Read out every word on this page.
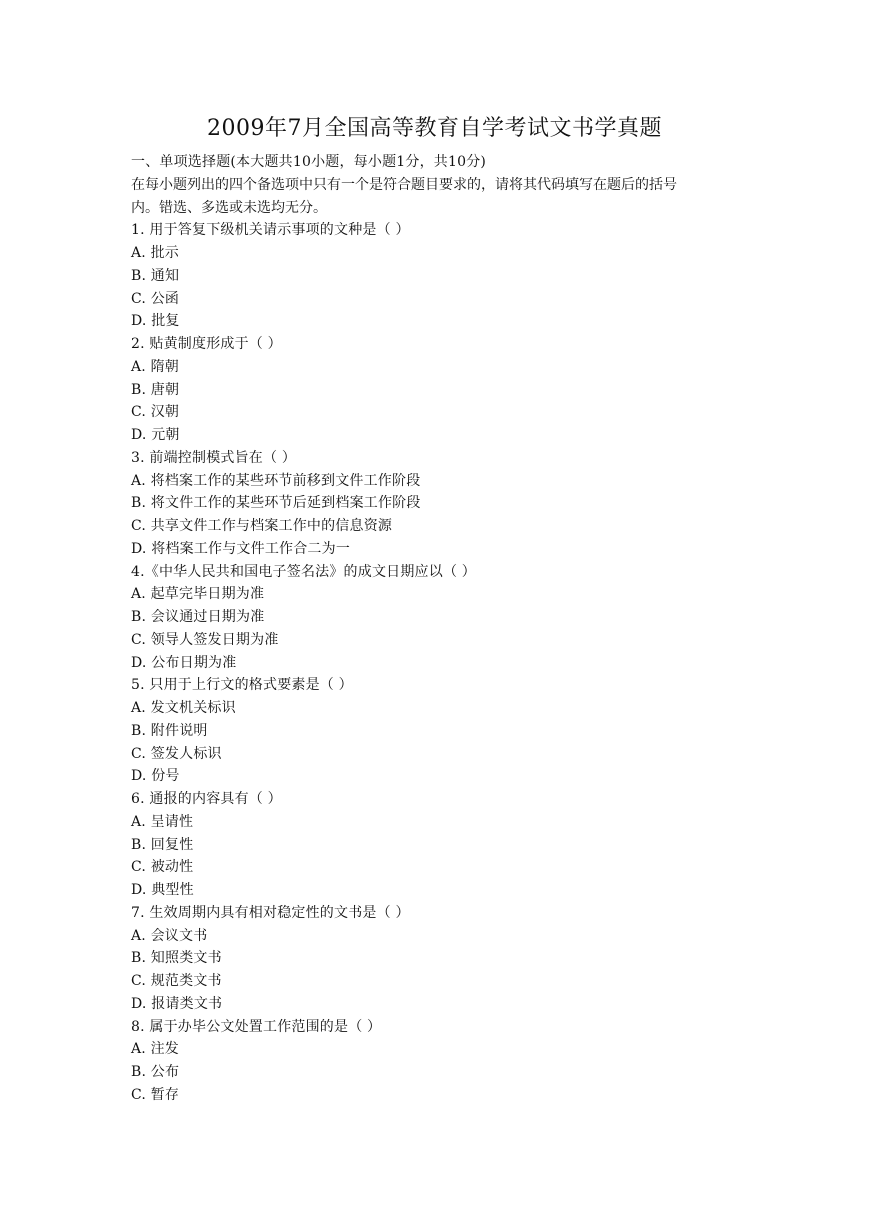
2009年7月全国高等教育自学考试文书学真题
一、单项选择题(本大题共10小题，每小题1分，共10分)
在每小题列出的四个备选项中只有一个是符合题目要求的，请将其代码填写在题后的括号
内。错选、多选或未选均无分。
1. 用于答复下级机关请示事项的文种是（ ）
A. 批示
B. 通知
C. 公函
D. 批复
2. 贴黄制度形成于（ ）
A. 隋朝
B. 唐朝
C. 汉朝
D. 元朝
3. 前端控制模式旨在（ ）
A. 将档案工作的某些环节前移到文件工作阶段
B. 将文件工作的某些环节后延到档案工作阶段
C. 共享文件工作与档案工作中的信息资源
D. 将档案工作与文件工作合二为一
4.《中华人民共和国电子签名法》的成文日期应以（ ）
A. 起草完毕日期为准
B. 会议通过日期为准
C. 领导人签发日期为准
D. 公布日期为准
5. 只用于上行文的格式要素是（ ）
A. 发文机关标识
B. 附件说明
C. 签发人标识
D. 份号
6. 通报的内容具有（ ）
A. 呈请性
B. 回复性
C. 被动性
D. 典型性
7. 生效周期内具有相对稳定性的文书是（ ）
A. 会议文书
B. 知照类文书
C. 规范类文书
D. 报请类文书
8. 属于办毕公文处置工作范围的是（ ）
A. 注发
B. 公布
C. 暂存
